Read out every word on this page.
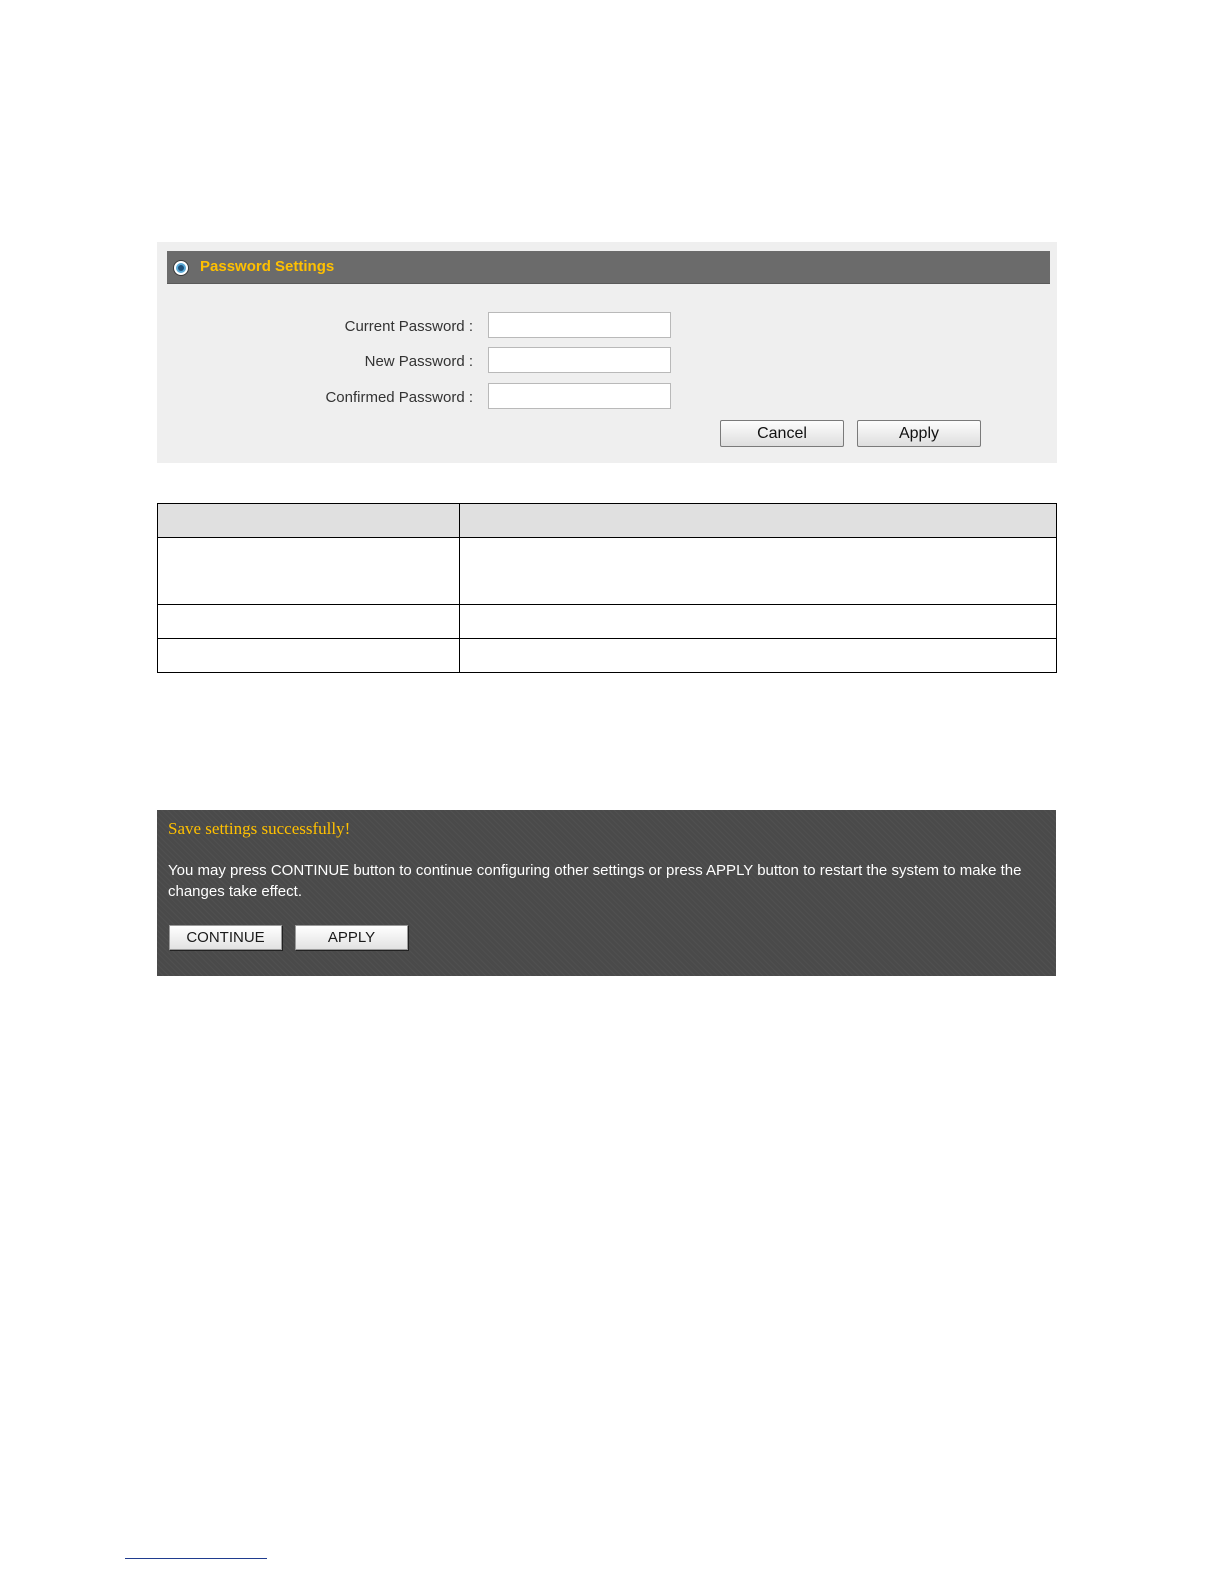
Password Settings
Current Password :
New Password :
Confirmed Password :
Cancel	Apply

Save settings successfully!
You may press CONTINUE button to continue configuring other settings or press APPLY button to restart the system to make the changes take effect.
CONTINUE	APPLY
